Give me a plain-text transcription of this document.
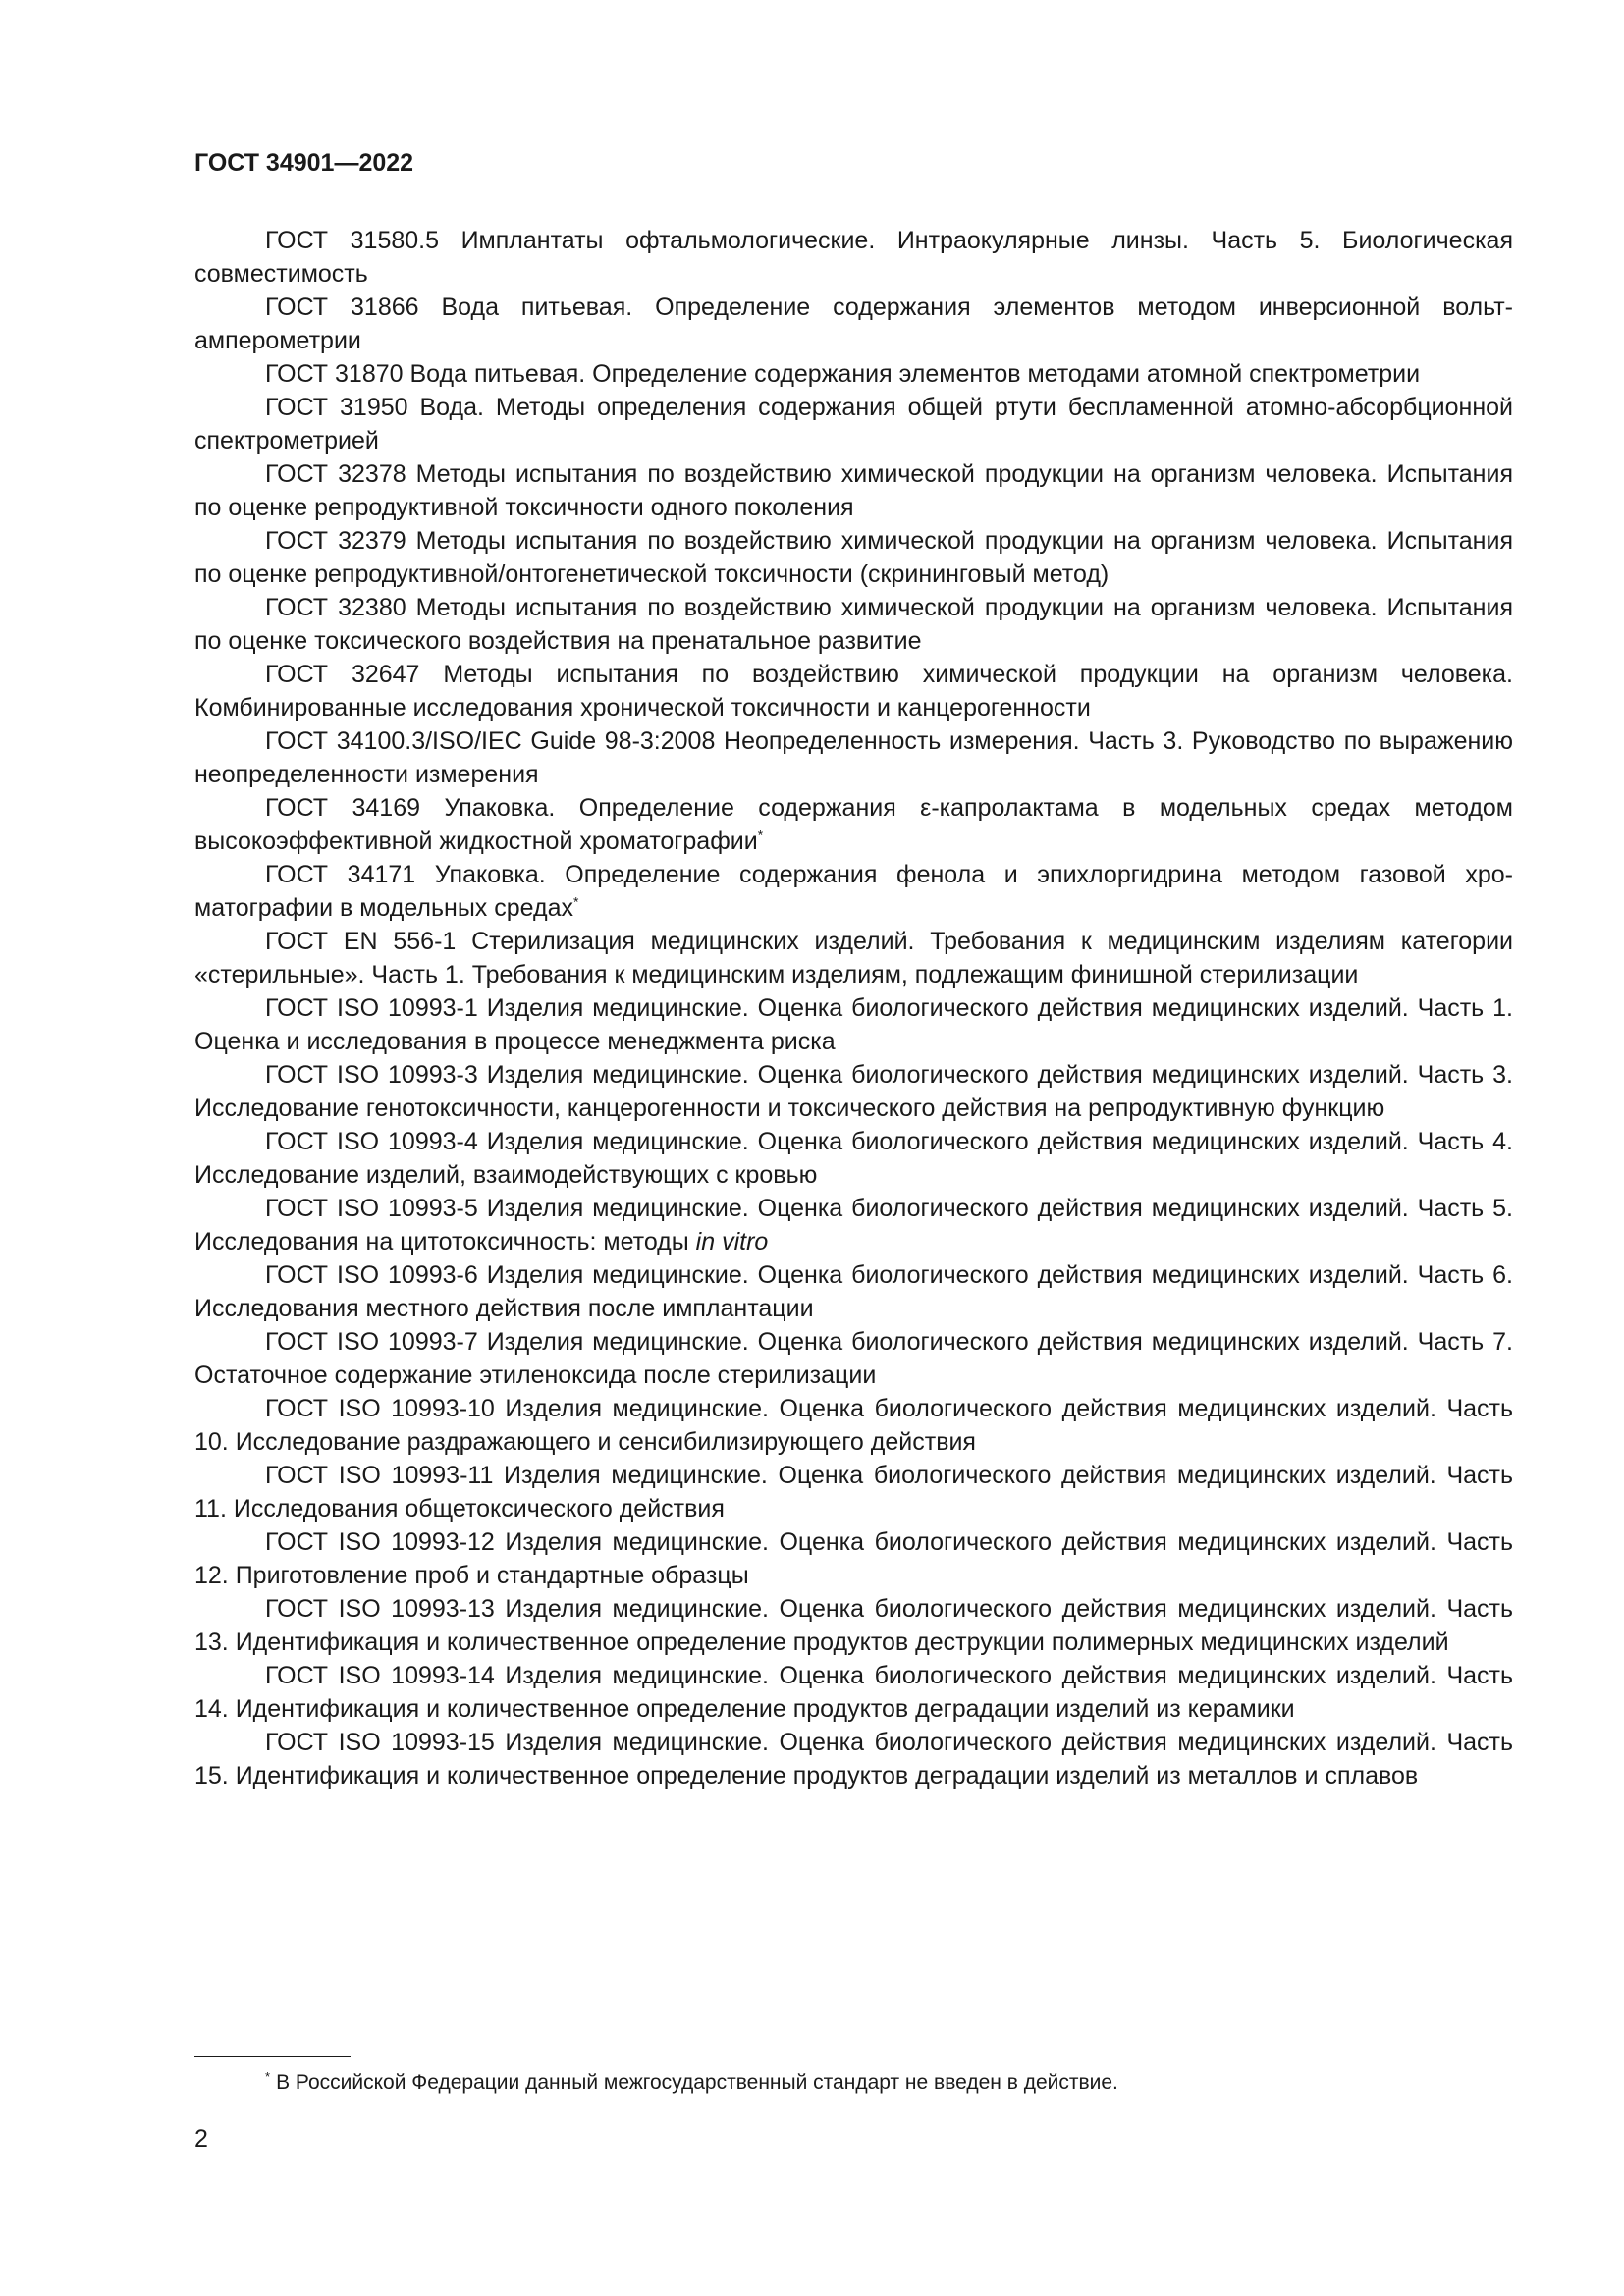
ГОСТ 34901—2022

ГОСТ 31580.5 Имплантаты офтальмологические. Интраокулярные линзы. Часть 5. Биологическая совместимость

ГОСТ 31866 Вода питьевая. Определение содержания элементов методом инверсионной вольтамперометрии

ГОСТ 31870 Вода питьевая. Определение содержания элементов методами атомной спектрометрии

ГОСТ 31950 Вода. Методы определения содержания общей ртути беспламенной атомно-абсорбционной спектрометрией

ГОСТ 32378 Методы испытания по воздействию химической продукции на организм человека. Испытания по оценке репродуктивной токсичности одного поколения

ГОСТ 32379 Методы испытания по воздействию химической продукции на организм человека. Испытания по оценке репродуктивной/онтогенетической токсичности (скрининговый метод)

ГОСТ 32380 Методы испытания по воздействию химической продукции на организм человека. Испытания по оценке токсического воздействия на пренатальное развитие

ГОСТ 32647 Методы испытания по воздействию химической продукции на организм человека. Комбинированные исследования хронической токсичности и канцерогенности

ГОСТ 34100.3/ISO/IEC Guide 98-3:2008 Неопределенность измерения. Часть 3. Руководство по выражению неопределенности измерения

ГОСТ 34169 Упаковка. Определение содержания ε-капролактама в модельных средах методом высокоэффективной жидкостной хроматографии*

ГОСТ 34171 Упаковка. Определение содержания фенола и эпихлоргидрина методом газовой хроматографии в модельных средах*

ГОСТ EN 556-1 Стерилизация медицинских изделий. Требования к медицинским изделиям категории «стерильные». Часть 1. Требования к медицинским изделиям, подлежащим финишной стерилизации

ГОСТ ISO 10993-1 Изделия медицинские. Оценка биологического действия медицинских изделий. Часть 1. Оценка и исследования в процессе менеджмента риска

ГОСТ ISO 10993-3 Изделия медицинские. Оценка биологического действия медицинских изделий. Часть 3. Исследование генотоксичности, канцерогенности и токсического действия на репродуктивную функцию

ГОСТ ISO 10993-4 Изделия медицинские. Оценка биологического действия медицинских изделий. Часть 4. Исследование изделий, взаимодействующих с кровью

ГОСТ ISO 10993-5 Изделия медицинские. Оценка биологического действия медицинских изделий. Часть 5. Исследования на цитотоксичность: методы in vitro

ГОСТ ISO 10993-6 Изделия медицинские. Оценка биологического действия медицинских изделий. Часть 6. Исследования местного действия после имплантации

ГОСТ ISO 10993-7 Изделия медицинские. Оценка биологического действия медицинских изделий. Часть 7. Остаточное содержание этиленоксида после стерилизации

ГОСТ ISO 10993-10 Изделия медицинские. Оценка биологического действия медицинских изделий. Часть 10. Исследование раздражающего и сенсибилизирующего действия

ГОСТ ISO 10993-11 Изделия медицинские. Оценка биологического действия медицинских изделий. Часть 11. Исследования общетоксического действия

ГОСТ ISO 10993-12 Изделия медицинские. Оценка биологического действия медицинских изделий. Часть 12. Приготовление проб и стандартные образцы

ГОСТ ISO 10993-13 Изделия медицинские. Оценка биологического действия медицинских изделий. Часть 13. Идентификация и количественное определение продуктов деструкции полимерных медицинских изделий

ГОСТ ISO 10993-14 Изделия медицинские. Оценка биологического действия медицинских изделий. Часть 14. Идентификация и количественное определение продуктов деградации изделий из керамики

ГОСТ ISO 10993-15 Изделия медицинские. Оценка биологического действия медицинских изделий. Часть 15. Идентификация и количественное определение продуктов деградации изделий из металлов и сплавов

* В Российской Федерации данный межгосударственный стандарт не введен в действие.
2
